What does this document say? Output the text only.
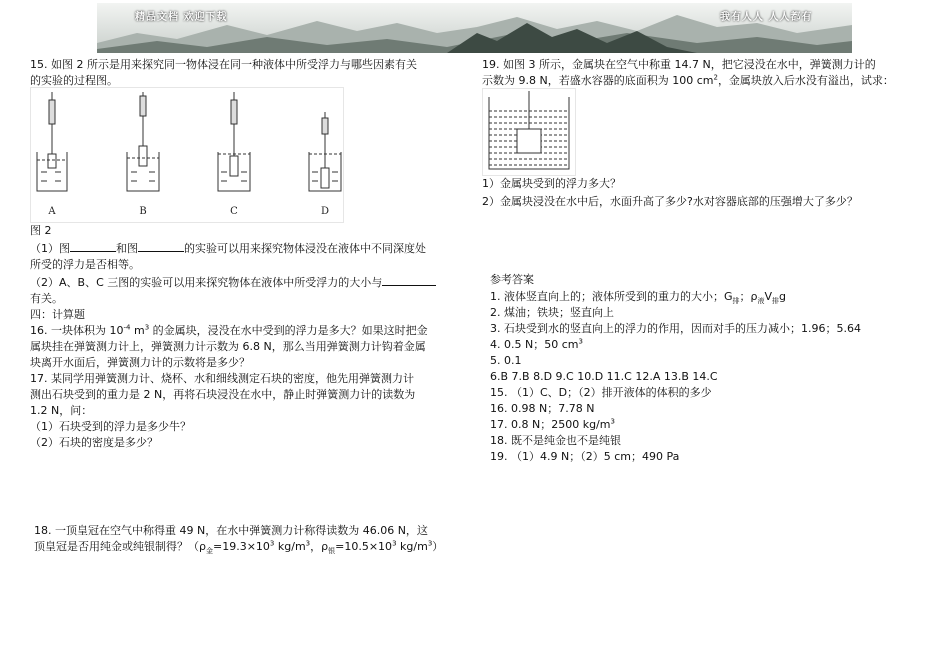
精品文档 欢迎下载	我有人人 人人都有

15. 如图 2 所示是用来探究同一物体浸在同一种液体中所受浮力与哪些因素有关

的实验的过程图。

A	B	C	D

图 2

（1）图	和图	的实验可以用来探究物体浸没在液体中不同深度处

所受的浮力是否相等。

（2）A、B、C 三图的实验可以用来探究物体在液体中所受浮力的大小与

有关。

四：计算题

16. 一块体积为 $10^{-4}$ $m^3$ 的金属块，浸没在水中受到的浮力是多大？如果这时把金

属块挂在弹簧测力计上，弹簧测力计示数为 6.8 N，那么当用弹簧测力计钩着金属

块离开水面后，弹簧测力计的示数将是多少？

17. 某同学用弹簧测力计、烧杯、水和细线测定石块的密度，他先用弹簧测力计

测出石块受到的重力是 2 N，再将石块浸没在水中，静止时弹簧测力计的读数为

1.2 N，问：

（1）石块受到的浮力是多少牛？

（2）石块的密度是多少？

18. 一顶皇冠在空气中称得重 49 N，在水中弹簧测力计称得读数为 46.06 N，这

顶皇冠是否用纯金或纯银制得？（$\rho_金=19.3\times 10^3$ $kg/m^3$，$\rho_银=10.5\times 10^3$ $kg/m^3$）

19. 如图 3 所示，金属块在空气中称重 14.7 N，把它浸没在水中，弹簧测力计的

示数为 9.8 N，若盛水容器的底面积为 100 $cm^2$，金属块放入后水没有溢出，试求：

1）金属块受到的浮力多大？

2）金属块浸没在水中后，水面升高了多少?水对容器底部的压强增大了多少？

参考答案

1. 液体竖直向上的；液体所受到的重力的大小；$G_排$；$\rho_液V_排g$

2. 煤油；铁块；竖直向上

3. 石块受到水的竖直向上的浮力的作用，因而对手的压力减小；1.96；5.64

4. 0.5 N；50 $cm^3$

5. 0.1

6.B 7.B 8.D 9.C 10.D 11.C 12.A 13.B 14.C

15. （1）C、D；（2）排开液体的体积的多少

16. 0.98 N；7.78 N

17. 0.8 N；2500 $kg/m^3$

18. 既不是纯金也不是纯银

19. （1）4.9 N；（2）5 cm；490 Pa
